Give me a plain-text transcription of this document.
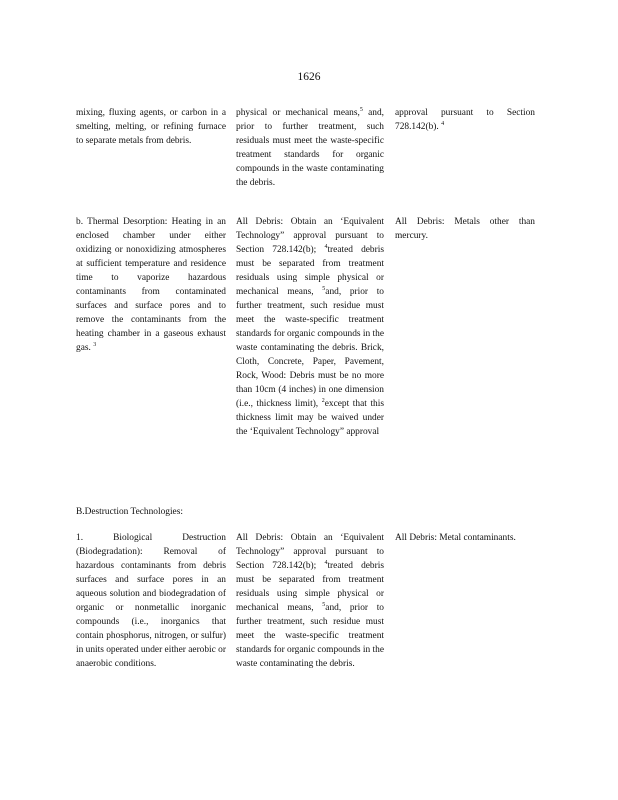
1626
mixing, fluxing agents, or carbon in a smelting, melting, or refining furnace to separate metals from debris.
physical or mechanical means,$^5$ and, prior to further treatment, such residuals must meet the waste-specific treatment standards for organic compounds in the waste contaminating the debris.
approval pursuant to Section 728.142(b). $^4$
b. Thermal Desorption: Heating in an enclosed chamber under either oxidizing or nonoxidizing atmospheres at sufficient temperature and residence time to vaporize hazardous contaminants from contaminated surfaces and surface pores and to remove the contaminants from the heating chamber in a gaseous exhaust gas. $^3$
All Debris: Obtain an ‘Equivalent Technology” approval pursuant to Section 728.142(b); $^4$treated debris must be separated from treatment residuals using simple physical or mechanical means, $^5$and, prior to further treatment, such residue must meet the waste-specific treatment standards for organic compounds in the waste contaminating the debris. Brick, Cloth, Concrete, Paper, Pavement, Rock, Wood: Debris must be no more than 10cm (4 inches) in one dimension (i.e., thickness limit), $^2$except that this thickness limit may be waived under the ‘Equivalent Technology” approval
All Debris: Metals other than mercury.
B.Destruction Technologies:
1. Biological Destruction (Biodegradation): Removal of hazardous contaminants from debris surfaces and surface pores in an aqueous solution and biodegradation of organic or nonmetallic inorganic compounds (i.e., inorganics that contain phosphorus, nitrogen, or sulfur) in units operated under either aerobic or anaerobic conditions.
All Debris: Obtain an ‘Equivalent Technology” approval pursuant to Section 728.142(b); $^4$treated debris must be separated from treatment residuals using simple physical or mechanical means, $^5$and, prior to further treatment, such residue must meet the waste-specific treatment standards for organic compounds in the waste contaminating the debris.
All Debris: Metal contaminants.
